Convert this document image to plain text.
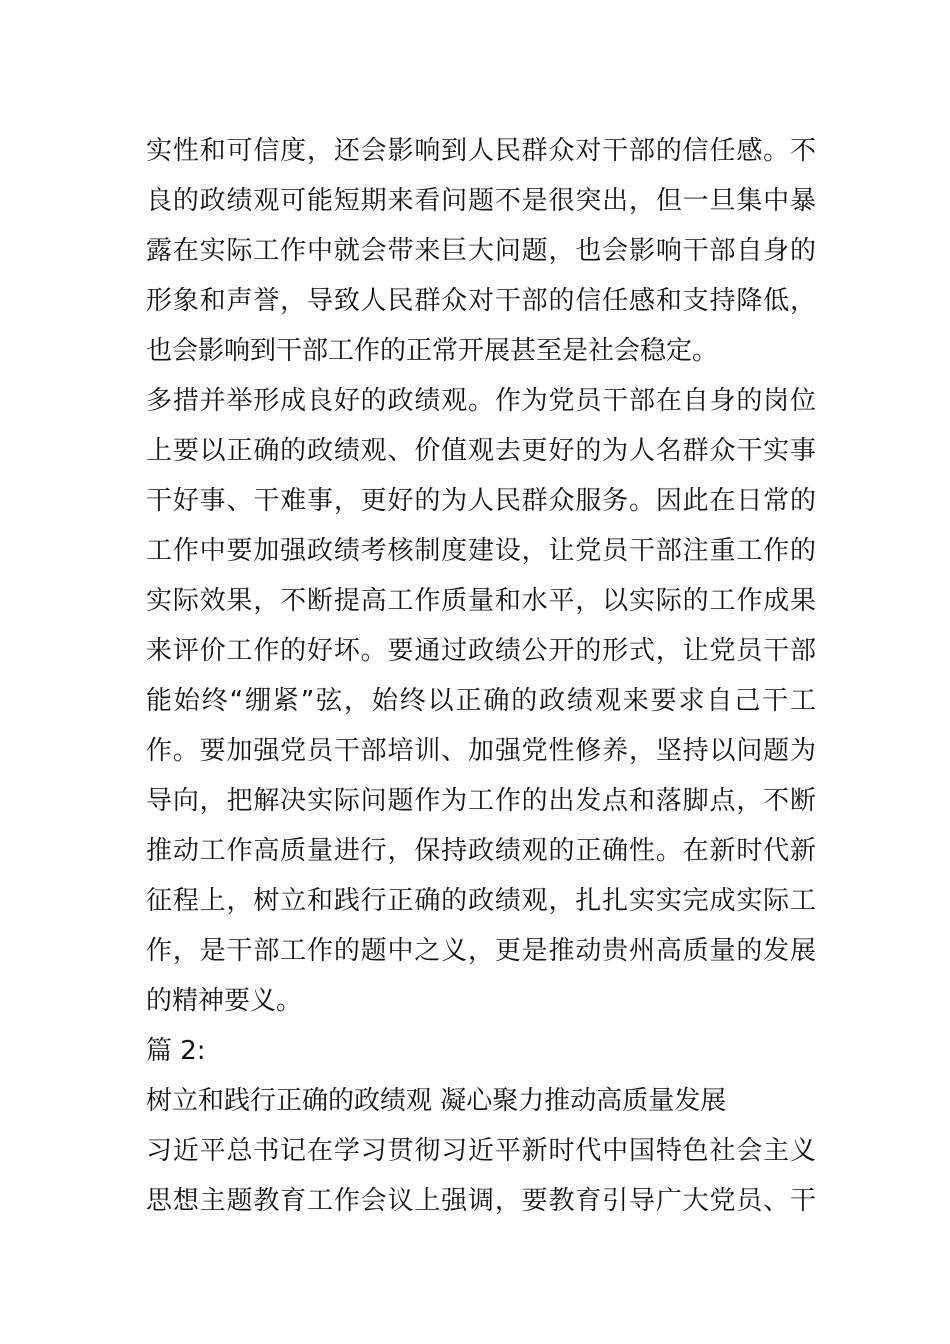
实性和可信度，还会影响到人民群众对干部的信任感。不
良的政绩观可能短期来看问题不是很突出，但一旦集中暴
露在实际工作中就会带来巨大问题，也会影响干部自身的
形象和声誉，导致人民群众对干部的信任感和支持降低，
也会影响到干部工作的正常开展甚至是社会稳定。
多措并举形成良好的政绩观。作为党员干部在自身的岗位
上要以正确的政绩观、价值观去更好的为人名群众干实事
干好事、干难事，更好的为人民群众服务。因此在日常的
工作中要加强政绩考核制度建设，让党员干部注重工作的
实际效果，不断提高工作质量和水平，以实际的工作成果
来评价工作的好坏。要通过政绩公开的形式，让党员干部
能始终“绷紧”弦，始终以正确的政绩观来要求自己干工
作。要加强党员干部培训、加强党性修养，坚持以问题为
导向，把解决实际问题作为工作的出发点和落脚点，不断
推动工作高质量进行，保持政绩观的正确性。在新时代新
征程上，树立和践行正确的政绩观，扎扎实实完成实际工
作，是干部工作的题中之义，更是推动贵州高质量的发展
的精神要义。
篇 2:
树立和践行正确的政绩观 凝心聚力推动高质量发展
习近平总书记在学习贯彻习近平新时代中国特色社会主义
思想主题教育工作会议上强调，要教育引导广大党员、干
